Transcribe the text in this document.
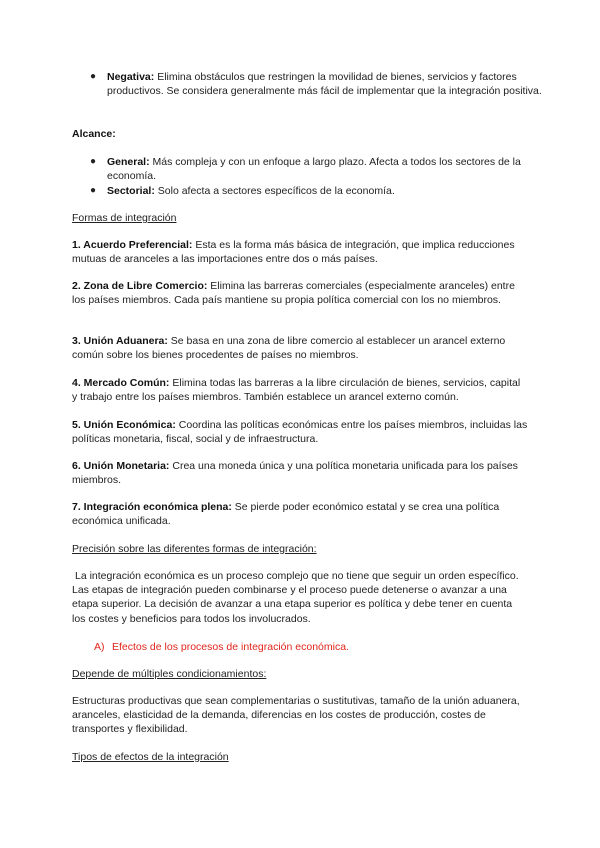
● Negativa: Elimina obstáculos que restringen la movilidad de bienes, servicios y factores productivos. Se considera generalmente más fácil de implementar que la integración positiva.

Alcance:

● General: Más compleja y con un enfoque a largo plazo. Afecta a todos los sectores de la economía.
● Sectorial: Solo afecta a sectores específicos de la economía.

Formas de integración

1. Acuerdo Preferencial: Esta es la forma más básica de integración, que implica reducciones mutuas de aranceles a las importaciones entre dos o más países.

2. Zona de Libre Comercio: Elimina las barreras comerciales (especialmente aranceles) entre los países miembros. Cada país mantiene su propia política comercial con los no miembros.

3. Unión Aduanera: Se basa en una zona de libre comercio al establecer un arancel externo común sobre los bienes procedentes de países no miembros.

4. Mercado Común: Elimina todas las barreras a la libre circulación de bienes, servicios, capital y trabajo entre los países miembros. También establece un arancel externo común.

5. Unión Económica: Coordina las políticas económicas entre los países miembros, incluidas las políticas monetaria, fiscal, social y de infraestructura.

6. Unión Monetaria: Crea una moneda única y una política monetaria unificada para los países miembros.

7. Integración económica plena: Se pierde poder económico estatal y se crea una política económica unificada.

Precisión sobre las diferentes formas de integración:

La integración económica es un proceso complejo que no tiene que seguir un orden específico. Las etapas de integración pueden combinarse y el proceso puede detenerse o avanzar a una etapa superior. La decisión de avanzar a una etapa superior es política y debe tener en cuenta los costes y beneficios para todos los involucrados.

A) Efectos de los procesos de integración económica.

Depende de múltiples condicionamientos:

Estructuras productivas que sean complementarias o sustitutivas, tamaño de la unión aduanera, aranceles, elasticidad de la demanda, diferencias en los costes de producción, costes de transportes y flexibilidad.

Tipos de efectos de la integración
